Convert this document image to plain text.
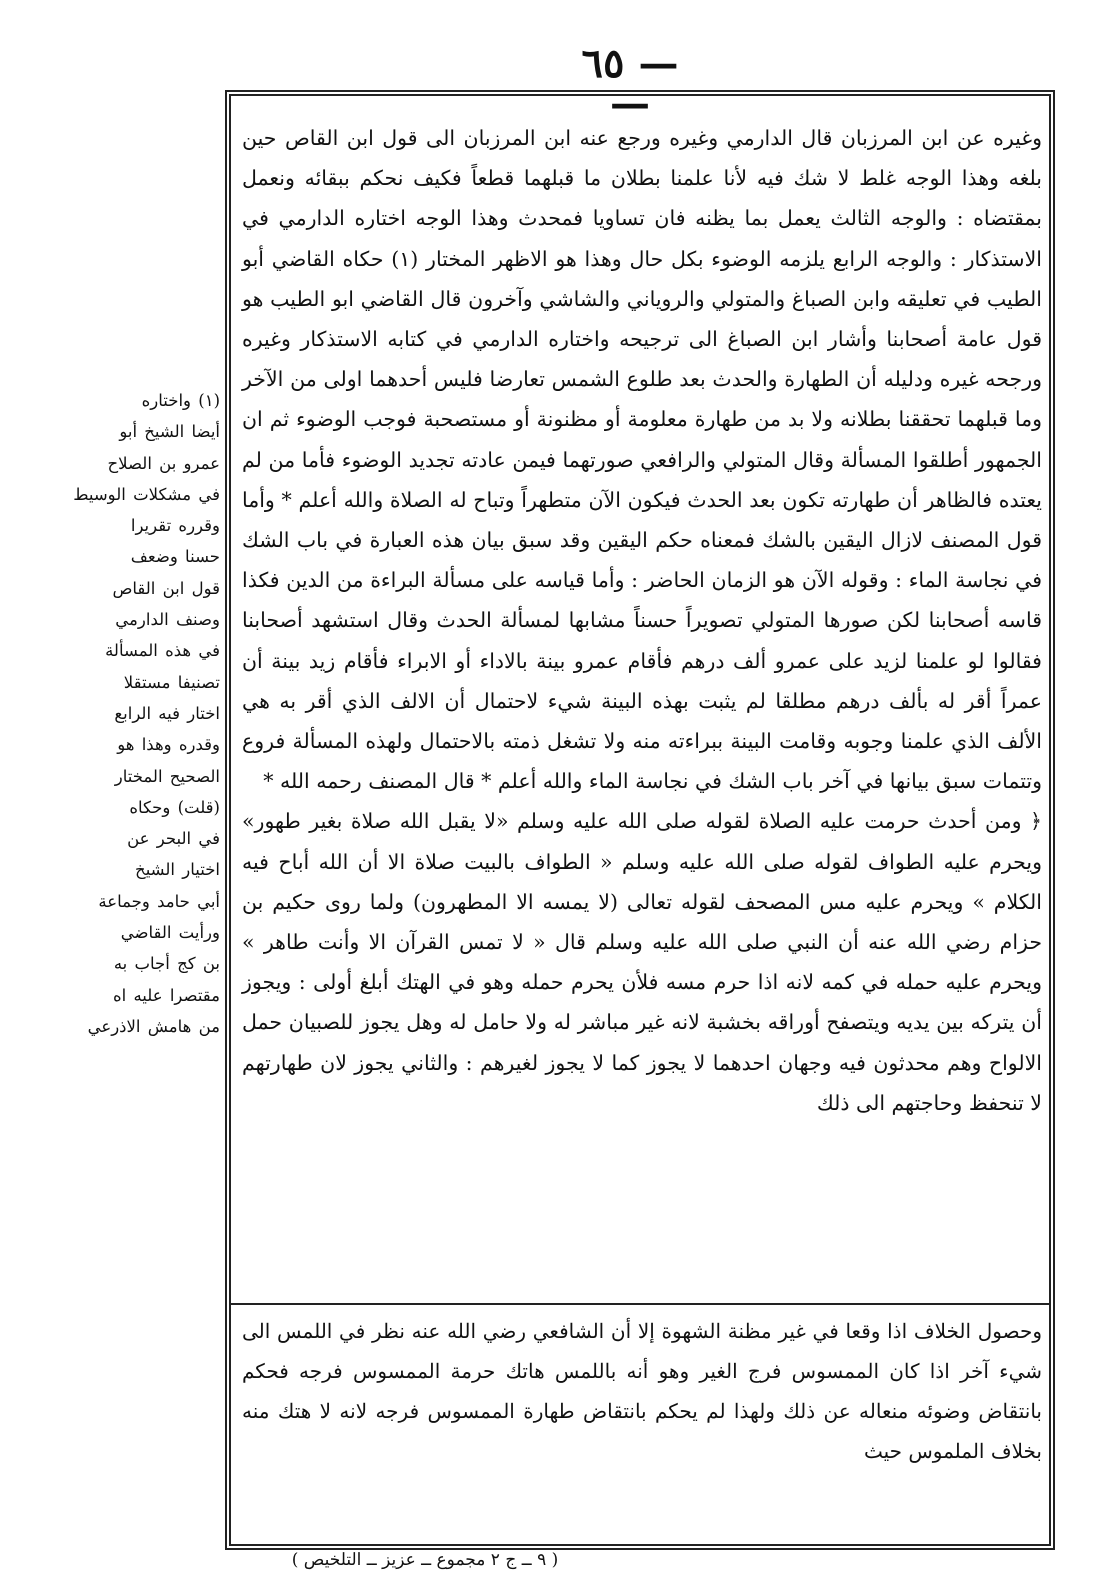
— ٦٥ —

وغيره عن ابن المرزبان قال الدارمي وغيره ورجع عنه ابن المرزبان الى قول ابن القاص حين بلغه وهذا الوجه غلط لا شك فيه لأنا علمنا بطلان ما قبلهما قطعاً فكيف نحكم ببقائه ونعمل بمقتضاه : والوجه الثالث يعمل بما يظنه فان تساويا فمحدث وهذا الوجه اختاره الدارمي في الاستذكار : والوجه الرابع يلزمه الوضوء بكل حال وهذا هو الاظهر المختار (١) حكاه القاضي أبو الطيب في تعليقه وابن الصباغ والمتولي والروياني والشاشي وآخرون قال القاضي ابو الطيب هو قول عامة أصحابنا وأشار ابن الصباغ الى ترجيحه واختاره الدارمي في كتابه الاستذكار وغيره ورجحه غيره ودليله أن الطهارة والحدث بعد طلوع الشمس تعارضا فليس أحدهما اولى من الآخر وما قبلهما تحققنا بطلانه ولا بد من طهارة معلومة أو مظنونة أو مستصحبة فوجب الوضوء ثم ان الجمهور أطلقوا المسألة وقال المتولي والرافعي صورتهما فيمن عادته تجديد الوضوء فأما من لم يعتده فالظاهر أن طهارته تكون بعد الحدث فيكون الآن متطهراً وتباح له الصلاة والله أعلم * وأما قول المصنف لازال اليقين بالشك فمعناه حكم اليقين وقد سبق بيان هذه العبارة في باب الشك في نجاسة الماء : وقوله الآن هو الزمان الحاضر : وأما قياسه على مسألة البراءة من الدين فكذا قاسه أصحابنا لكن صورها المتولي تصويراً حسناً مشابها لمسألة الحدث وقال استشهد أصحابنا فقالوا لو علمنا لزيد على عمرو ألف درهم فأقام عمرو بينة بالاداء أو الابراء فأقام زيد بينة أن عمراً أقر له بألف درهم مطلقا لم يثبت بهذه البينة شيء لاحتمال أن الالف الذي أقر به هي الألف الذي علمنا وجوبه وقامت البينة ببراءته منه ولا تشغل ذمته بالاحتمال ولهذه المسألة فروع وتتمات سبق بيانها في آخر باب الشك في نجاسة الماء والله أعلم * قال المصنف رحمه الله *

﴿ ومن أحدث حرمت عليه الصلاة لقوله صلى الله عليه وسلم «لا يقبل الله صلاة بغير طهور» ويحرم عليه الطواف لقوله صلى الله عليه وسلم « الطواف بالبيت صلاة الا أن الله أباح فيه الكلام » ويحرم عليه مس المصحف لقوله تعالى (لا يمسه الا المطهرون) ولما روى حكيم بن حزام رضي الله عنه أن النبي صلى الله عليه وسلم قال « لا تمس القرآن الا وأنت طاهر » ويحرم عليه حمله في كمه لانه اذا حرم مسه فلأن يحرم حمله وهو في الهتك أبلغ أولى : ويجوز أن يتركه بين يديه ويتصفح أوراقه بخشبة لانه غير مباشر له ولا حامل له وهل يجوز للصبيان حمل الالواح وهم محدثون فيه وجهان احدهما لا يجوز كما لا يجوز لغيرهم : والثاني يجوز لان طهارتهم لا تنحفظ وحاجتهم الى ذلك

وحصول الخلاف اذا وقعا في غير مظنة الشهوة إلا أن الشافعي رضي الله عنه نظر في اللمس الى شيء آخر اذا كان الممسوس فرج الغير وهو أنه باللمس هاتك حرمة الممسوس فرجه فحكم بانتقاض وضوئه منعاله عن ذلك ولهذا لم يحكم بانتقاض طهارة الممسوس فرجه لانه لا هتك منه بخلاف الملموس حيث

(١) واختاره

أيضا الشيخ أبو

عمرو بن الصلاح

في مشكلات الوسيط

وقرره تقريرا

حسنا وضعف

قول ابن القاص

وصنف الدارمي

في هذه المسألة

تصنيفا مستقلا

اختار فيه الرابع

وقدره وهذا هو

الصحيح المختار

(قلت) وحكاه

في البحر عن

اختيار الشيخ

أبي حامد وجماعة

ورأيت القاضي

بن كج أجاب به

مقتصرا عليه اه

من هامش الاذرعي

( ٩ ــ ج ٢ مجموع ــ عزيز ــ التلخيص )
